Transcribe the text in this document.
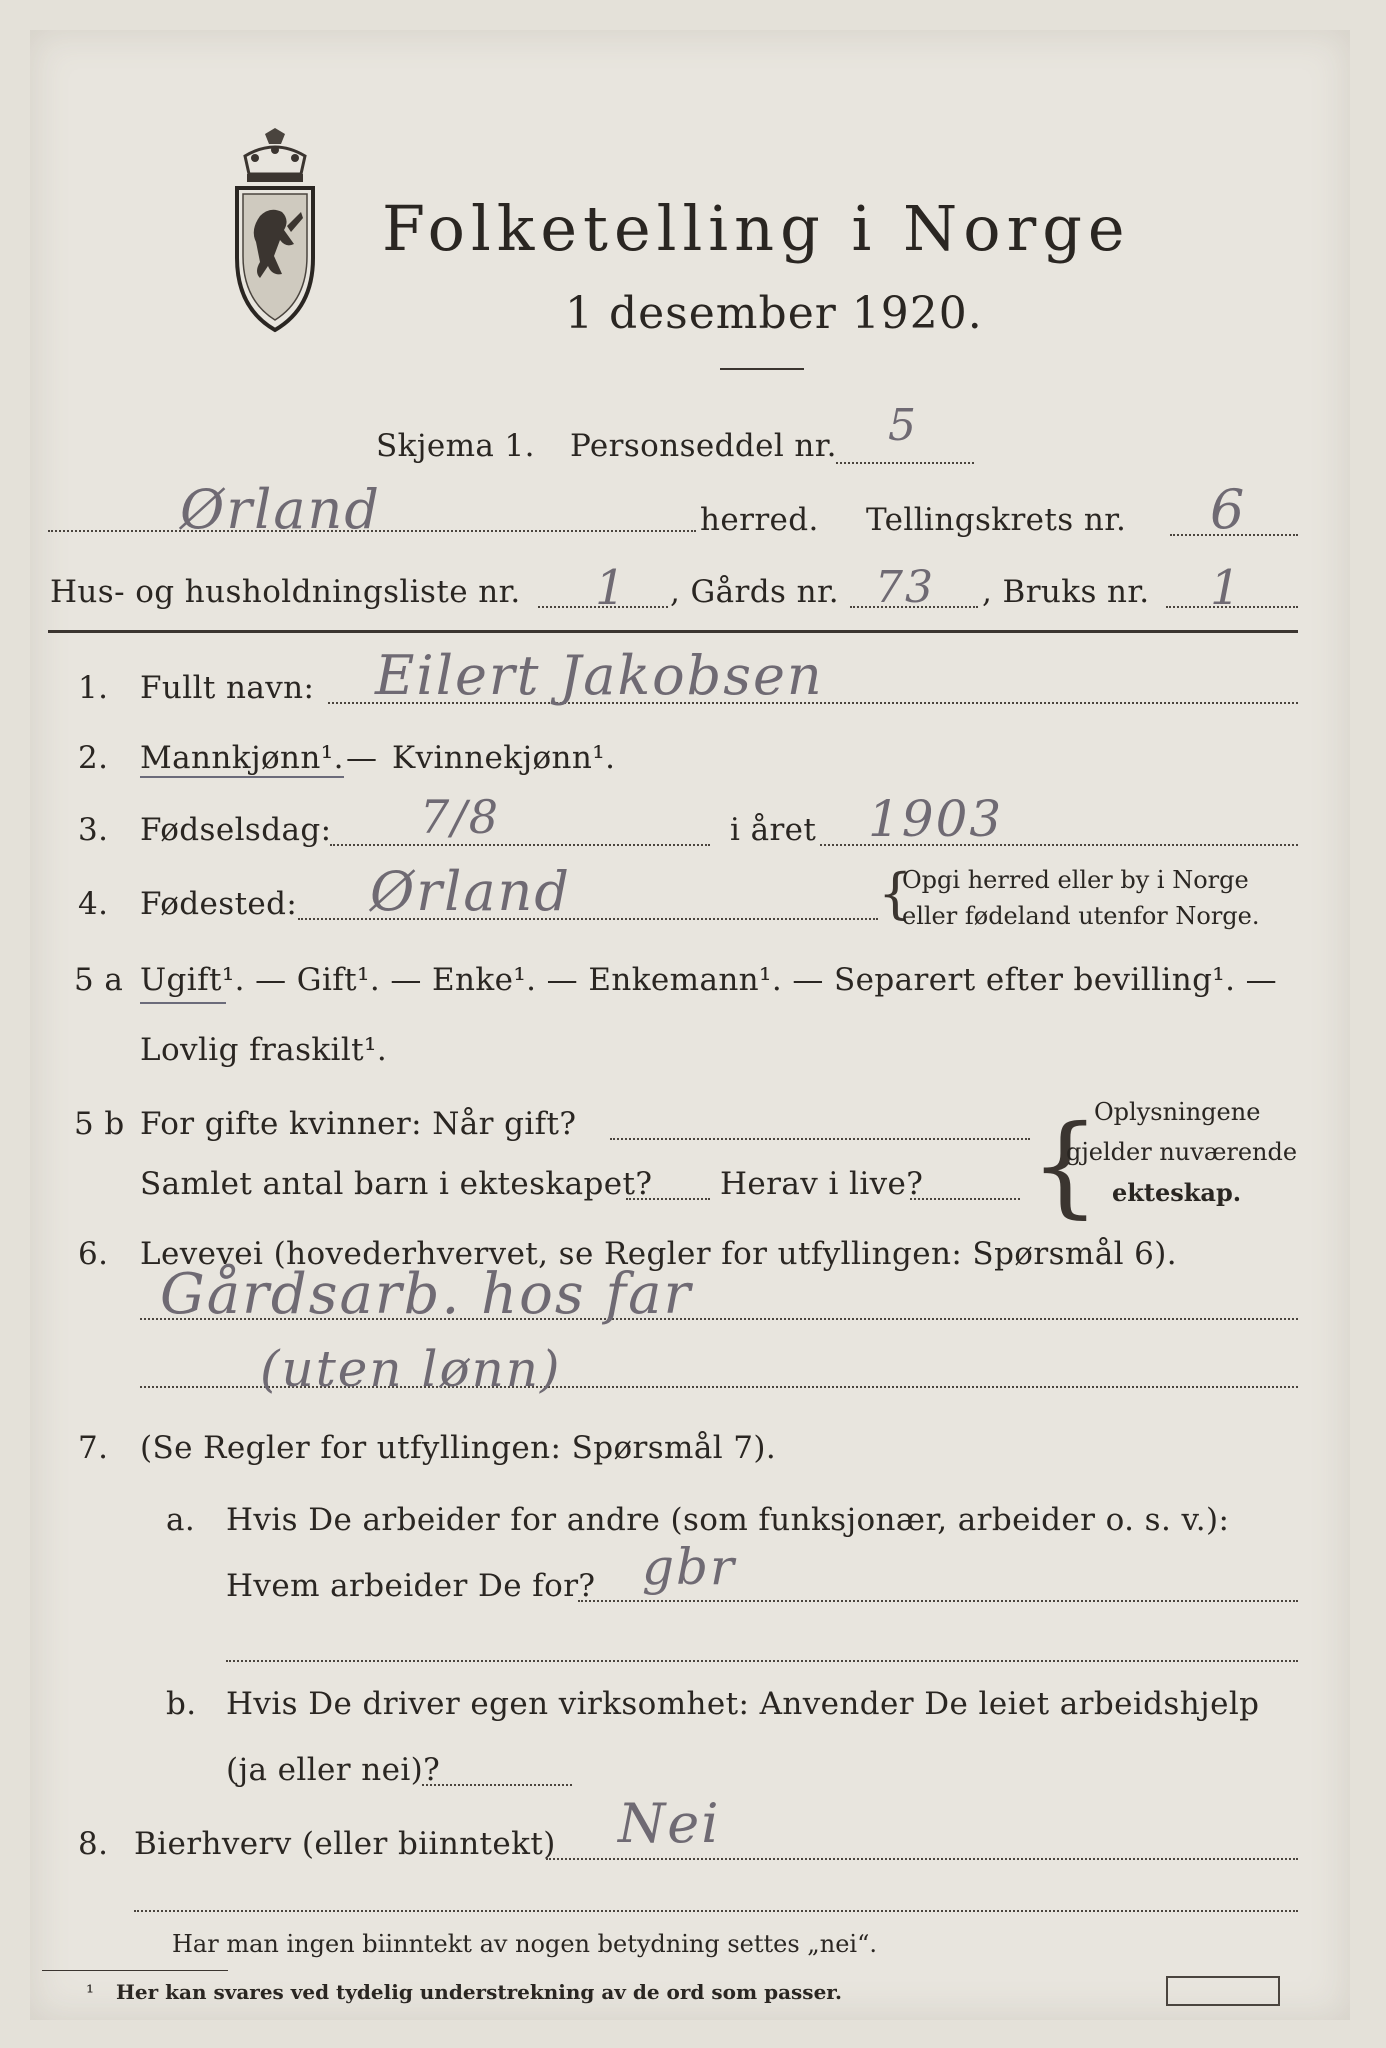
Folketelling i Norge
1 desember 1920.
Skjema 1. Personseddel nr. 5
Ørland	herred. Tellingskrets nr. 6
Hus- og husholdningsliste nr. 1 , Gårds nr. 73 , Bruks nr. 1
1. Fullt navn: Eilert Jakobsen
2. Mannkjønn¹. — Kvinnekjønn¹.
3. Fødselsdag: 7/8	i året 1903
4. Fødested: Ørland	{
Opgi herred eller by i Norge
eller fødeland utenfor Norge.
5 a Ugift¹. — Gift¹. — Enke¹. — Enkemann¹. — Separert efter bevilling¹. —
Lovlig fraskilt¹.
5 b For gifte kvinner: Når gift?
Samlet antal barn i ekteskapet? Herav i live? {
Oplysningene
gjelder nuværende
ekteskap.
6. Levevei (hovederhvervet, se Regler for utfyllingen: Spørsmål 6).
Gårdsarb. hos far
(uten lønn)
7. (Se Regler for utfyllingen: Spørsmål 7).
a. Hvis De arbeider for andre (som funksjonær, arbeider o. s. v.):
Hvem arbeider De for? gbr
b. Hvis De driver egen virksomhet: Anvender De leiet arbeidshjelp
(ja eller nei)?
8. Bierhverv (eller biinntekt) Nei
Har man ingen biinntekt av nogen betydning settes „nei“.
¹ Her kan svares ved tydelig understrekning av de ord som passer.
